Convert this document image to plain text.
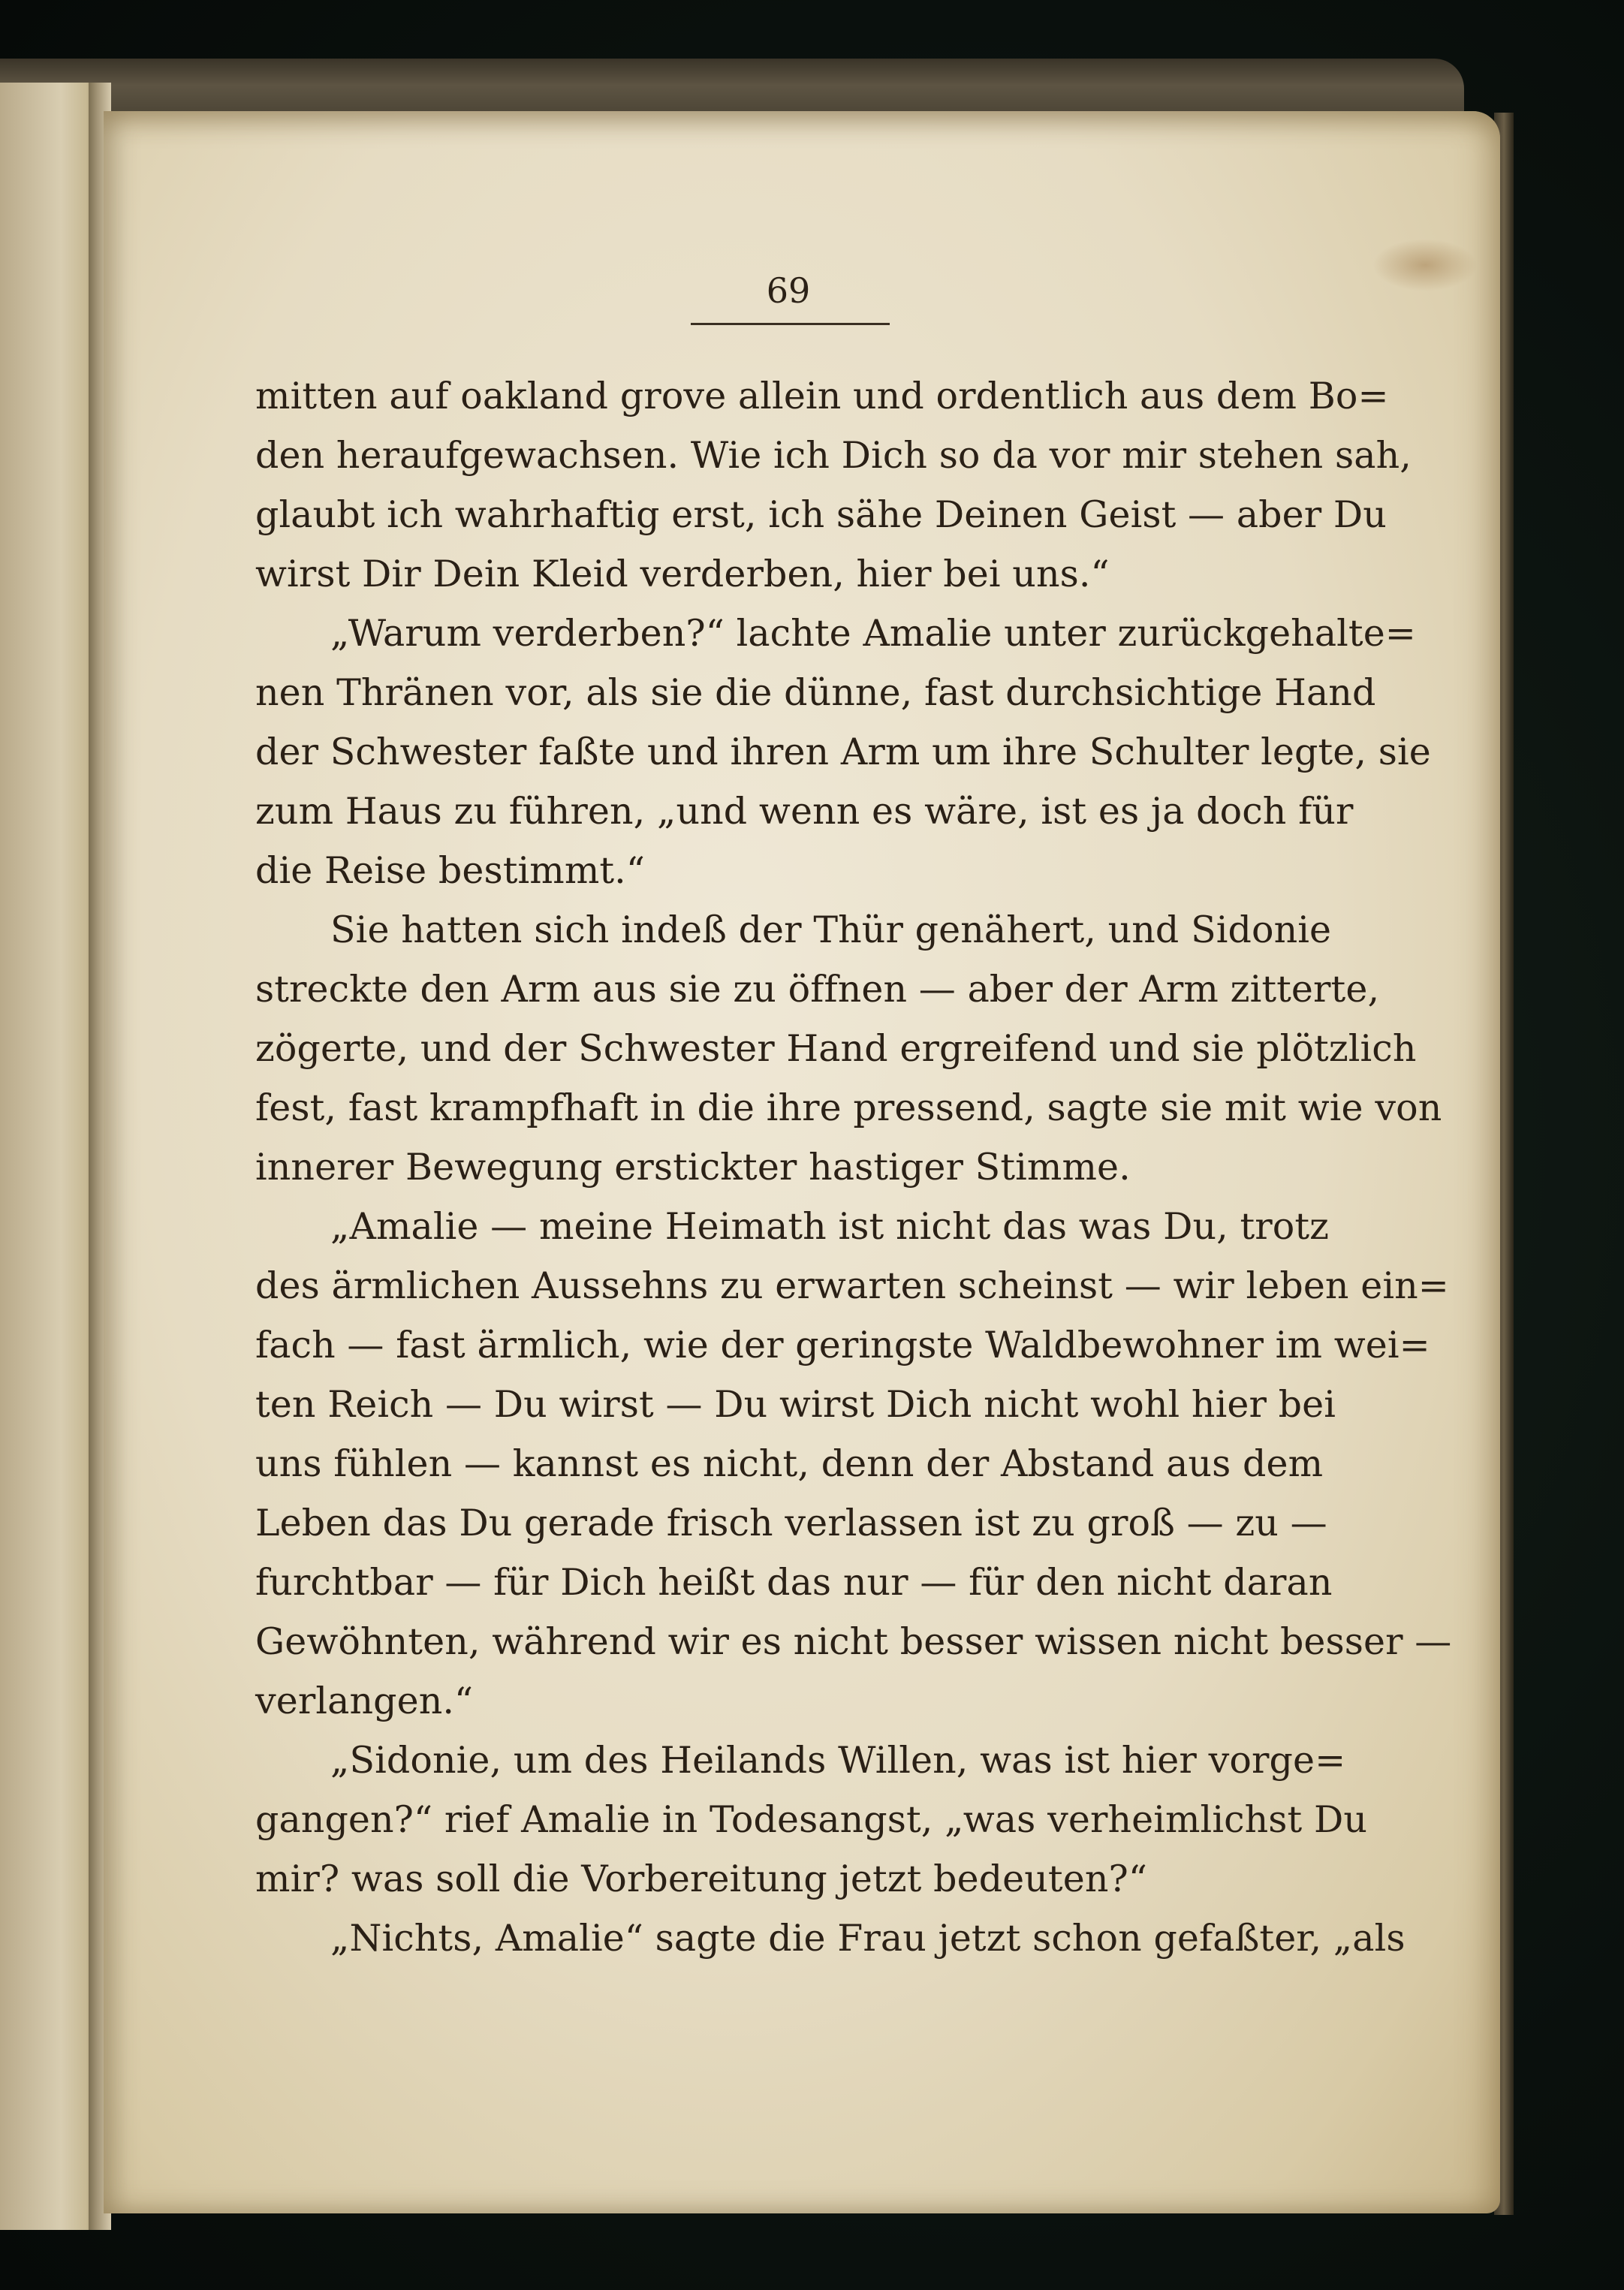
69
mitten auf oakland grove allein und ordentlich aus dem Bo=
den heraufgewachsen. Wie ich Dich so da vor mir stehen sah,
glaubt ich wahrhaftig erst, ich sähe Deinen Geist — aber Du
wirst Dir Dein Kleid verderben, hier bei uns.“
„Warum verderben?“ lachte Amalie unter zurückgehalte=
nen Thränen vor, als sie die dünne, fast durchsichtige Hand
der Schwester faßte und ihren Arm um ihre Schulter legte, sie
zum Haus zu führen, „und wenn es wäre, ist es ja doch für
die Reise bestimmt.“
Sie hatten sich indeß der Thür genähert, und Sidonie
streckte den Arm aus sie zu öffnen — aber der Arm zitterte,
zögerte, und der Schwester Hand ergreifend und sie plötzlich
fest, fast krampfhaft in die ihre pressend, sagte sie mit wie von
innerer Bewegung erstickter hastiger Stimme.
„Amalie — meine Heimath ist nicht das was Du, trotz
des ärmlichen Aussehns zu erwarten scheinst — wir leben ein=
fach — fast ärmlich, wie der geringste Waldbewohner im wei=
ten Reich — Du wirst — Du wirst Dich nicht wohl hier bei
uns fühlen — kannst es nicht, denn der Abstand aus dem
Leben das Du gerade frisch verlassen ist zu groß — zu —
furchtbar — für Dich heißt das nur — für den nicht daran
Gewöhnten, während wir es nicht besser wissen nicht besser —
verlangen.“
„Sidonie, um des Heilands Willen, was ist hier vorge=
gangen?“ rief Amalie in Todesangst, „was verheimlichst Du
mir? was soll die Vorbereitung jetzt bedeuten?“
„Nichts, Amalie“ sagte die Frau jetzt schon gefaßter, „als
